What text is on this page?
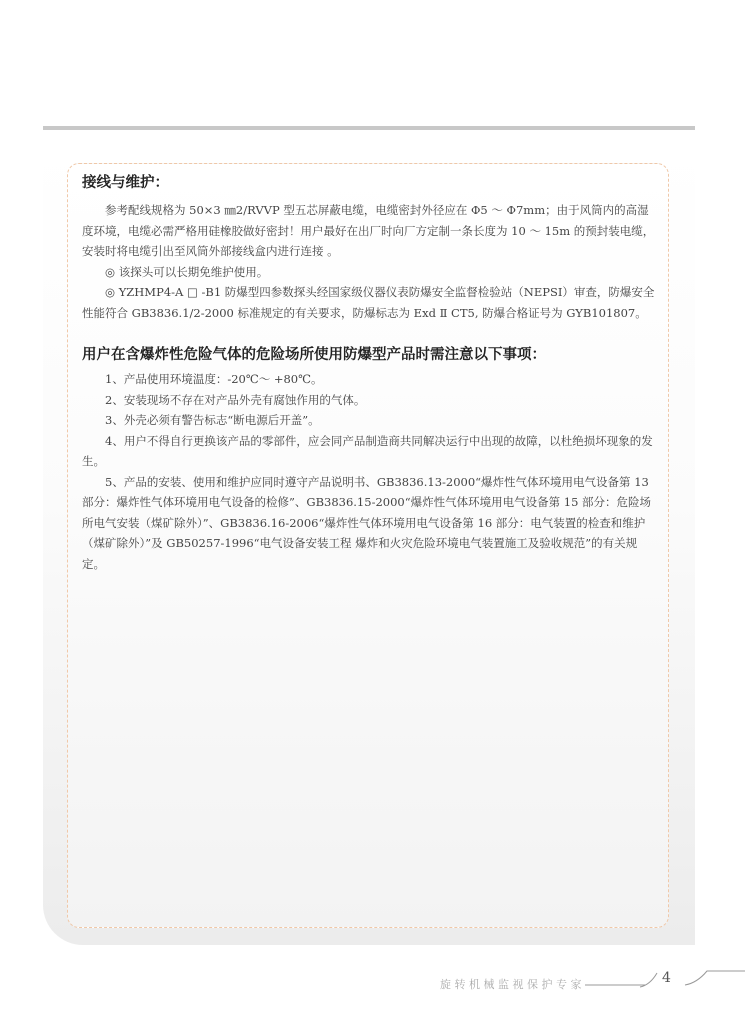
接线与维护：

参考配线规格为 50×3 ㎜2/RVVP 型五芯屏蔽电缆，电缆密封外径应在 Φ5 ～ Φ7mm；由于风筒内的高湿度环境，电缆必需严格用硅橡胶做好密封！用户最好在出厂时向厂方定制一条长度为 10 ～ 15m 的预封装电缆，安装时将电缆引出至风筒外部接线盒内进行连接 。

◎ 该探头可以长期免维护使用。

◎ YZHMP4-A □ -B1 防爆型四参数探头经国家级仪器仪表防爆安全监督检验站（NEPSI）审查，防爆安全性能符合 GB3836.1/2-2000 标准规定的有关要求，防爆标志为 Exd Ⅱ CT5, 防爆合格证号为 GYB101807。

用户在含爆炸性危险气体的危险场所使用防爆型产品时需注意以下事项：

1、产品使用环境温度：-20℃～ +80℃。

2、安装现场不存在对产品外壳有腐蚀作用的气体。

3、外壳必须有警告标志“断电源后开盖”。

4、用户不得自行更换该产品的零部件，应会同产品制造商共同解决运行中出现的故障，以杜绝损坏现象的发生。

5、产品的安装、使用和维护应同时遵守产品说明书、GB3836.13-2000“爆炸性气体环境用电气设备第 13 部分：爆炸性气体环境用电气设备的检修”、GB3836.15-2000“爆炸性气体环境用电气设备第 15 部分：危险场所电气安装（煤矿除外）”、GB3836.16-2006“爆炸性气体环境用电气设备第 16 部分：电气装置的检查和维护（煤矿除外）”及 GB50257-1996“电气设备安装工程 爆炸和火灾危险环境电气装置施工及验收规范”的有关规定。

旋转机械监视保护专家	4
